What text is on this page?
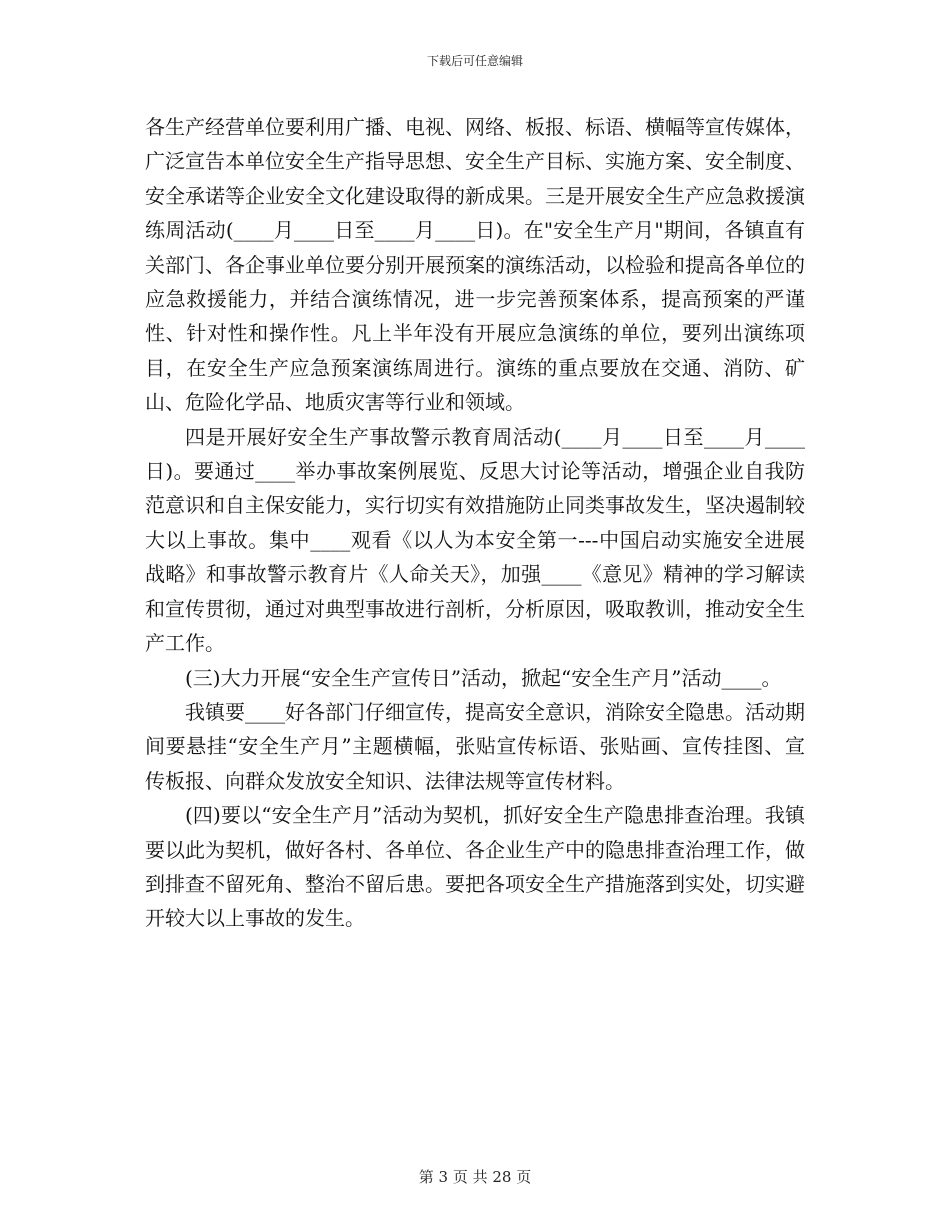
下载后可任意编辑

各生产经营单位要利用广播、电视、网络、板报、标语、横幅等宣传媒体，广泛宣告本单位安全生产指导思想、安全生产目标、实施方案、安全制度、安全承诺等企业安全文化建设取得的新成果。三是开展安全生产应急救援演练周活动(____月____日至____月____日)。在"安全生产月"期间，各镇直有关部门、各企事业单位要分别开展预案的演练活动，以检验和提高各单位的应急救援能力，并结合演练情况，进一步完善预案体系，提高预案的严谨性、针对性和操作性。凡上半年没有开展应急演练的单位，要列出演练项目，在安全生产应急预案演练周进行。演练的重点要放在交通、消防、矿山、危险化学品、地质灾害等行业和领域。

四是开展好安全生产事故警示教育周活动(____月____日至____月____日)。要通过____举办事故案例展览、反思大讨论等活动，增强企业自我防范意识和自主保安能力，实行切实有效措施防止同类事故发生，坚决遏制较大以上事故。集中____观看《以人为本安全第一---中国启动实施安全进展战略》和事故警示教育片《人命关天》，加强____《意见》精神的学习解读和宣传贯彻，通过对典型事故进行剖析，分析原因，吸取教训，推动安全生产工作。

(三)大力开展“安全生产宣传日”活动，掀起“安全生产月”活动____。

我镇要____好各部门仔细宣传，提高安全意识，消除安全隐患。活动期间要悬挂“安全生产月”主题横幅，张贴宣传标语、张贴画、宣传挂图、宣传板报、向群众发放安全知识、法律法规等宣传材料。

(四)要以“安全生产月”活动为契机，抓好安全生产隐患排查治理。我镇要以此为契机，做好各村、各单位、各企业生产中的隐患排查治理工作，做到排查不留死角、整治不留后患。要把各项安全生产措施落到实处，切实避开较大以上事故的发生。

第 3 页 共 28 页
